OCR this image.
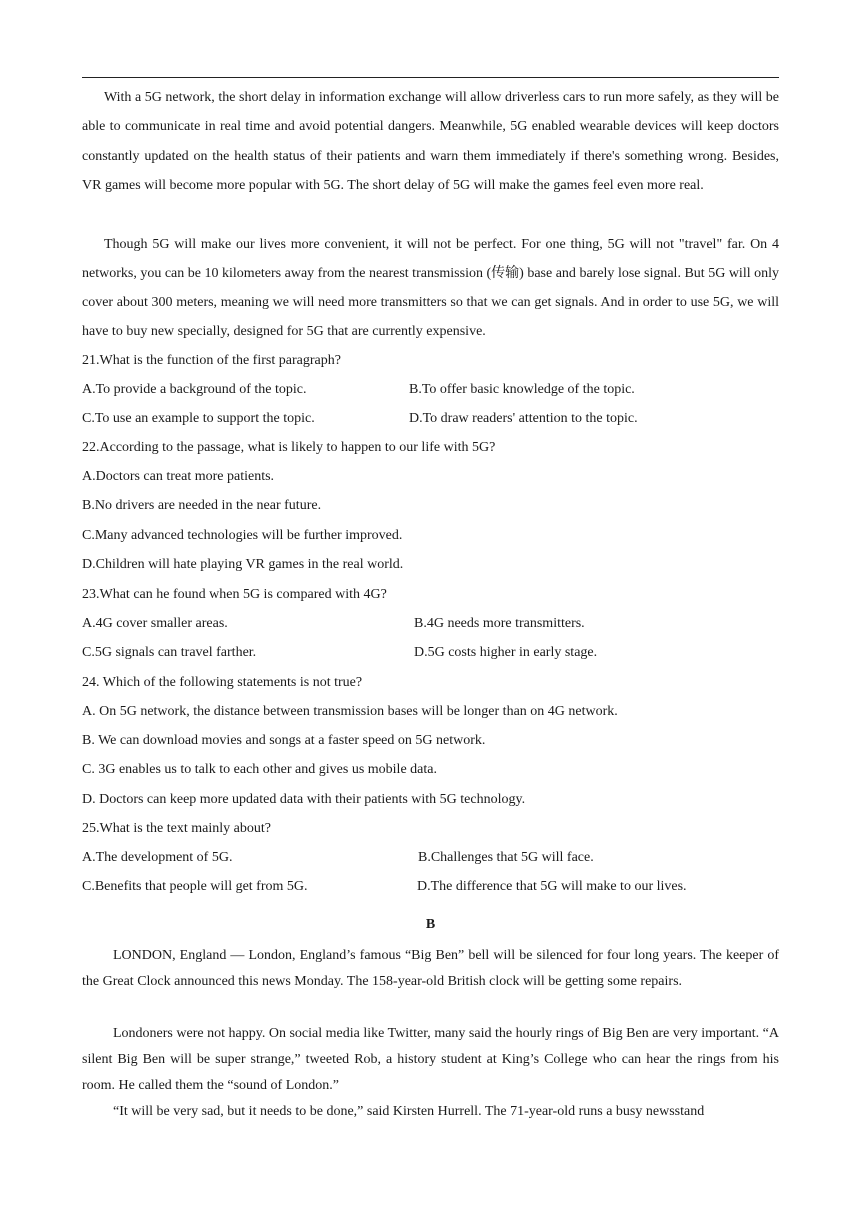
With a 5G network, the short delay in information exchange will allow driverless cars to run more safely, as they will be able to communicate in real time and avoid potential dangers. Meanwhile, 5G enabled wearable devices will keep doctors constantly updated on the health status of their patients and warn them immediately if there's something wrong. Besides, VR games will become more popular with 5G. The short delay of 5G will make the games feel even more real.

Though 5G will make our lives more convenient, it will not be perfect. For one thing, 5G will not "travel" far. On 4 networks, you can be 10 kilometers away from the nearest transmission (传输) base and barely lose signal. But 5G will only cover about 300 meters, meaning we will need more transmitters so that we can get signals. And in order to use 5G, we will have to buy new specially, designed for 5G that are currently expensive.

21.What is the function of the first paragraph?
A.To provide a background of the topic.	B.To offer basic knowledge of the topic.
C.To use an example to support the topic.	D.To draw readers' attention to the topic.
22.According to the passage, what is likely to happen to our life with 5G?
A.Doctors can treat more patients.
B.No drivers are needed in the near future.
C.Many advanced technologies will be further improved.
D.Children will hate playing VR games in the real world.
23.What can he found when 5G is compared with 4G?
A.4G cover smaller areas.	B.4G needs more transmitters.
C.5G signals can travel farther.	D.5G costs higher in early stage.
24. Which of the following statements is not true?
A. On 5G network, the distance between transmission bases will be longer than on 4G network.
B. We can download movies and songs at a faster speed on 5G network.
C. 3G enables us to talk to each other and gives us mobile data.
D. Doctors can keep more updated data with their patients with 5G technology.
25.What is the text mainly about?
A.The development of 5G.	B.Challenges that 5G will face.
C.Benefits that people will get from 5G.	D.The difference that 5G will make to our lives.
B

LONDON, England — London, England’s famous “Big Ben” bell will be silenced for four long years. The keeper of the Great Clock announced this news Monday. The 158-year-old British clock will be getting some repairs.

Londoners were not happy. On social media like Twitter, many said the hourly rings of Big Ben are very important. “A silent Big Ben will be super strange,” tweeted Rob, a history student at King’s College who can hear the rings from his room. He called them the “sound of London.”

“It will be very sad, but it needs to be done,” said Kirsten Hurrell. The 71-year-old runs a busy newsstand
